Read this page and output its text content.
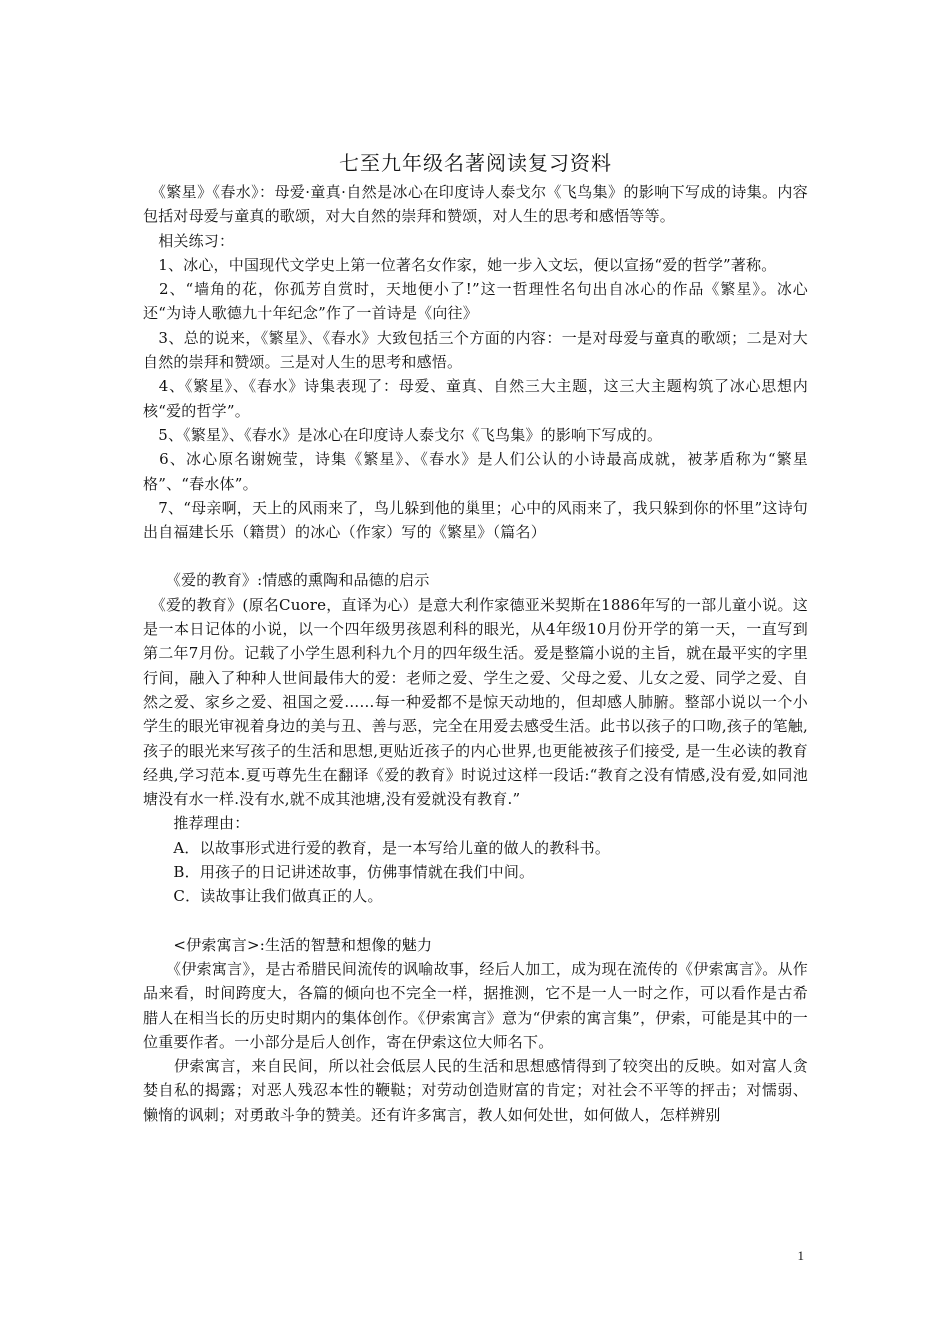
七至九年级名著阅读复习资料

　《繁星》《春水》：母爱·童真·自然是冰心在印度诗人泰戈尔《飞鸟集》的影响下写成的诗集。内容包括对母爱与童真的歌颂，对大自然的崇拜和赞颂，对人生的思考和感悟等等。

　相关练习：

　1、冰心，中国现代文学史上第一位著名女作家，她一步入文坛，便以宣扬“爱的哲学”著称。

　2、“墙角的花，你孤芳自赏时，天地便小了!”这一哲理性名句出自冰心的作品《繁星》。冰心还“为诗人歌德九十年纪念”作了一首诗是《向往》

　3、总的说来，《繁星》、《春水》大致包括三个方面的内容：一是对母爱与童真的歌颂；二是对大自然的崇拜和赞颂。三是对人生的思考和感悟。

　4、《繁星》、《春水》诗集表现了：母爱、童真、自然三大主题，这三大主题构筑了冰心思想内核“爱的哲学”。

　5、《繁星》、《春水》是冰心在印度诗人泰戈尔《飞鸟集》的影响下写成的。

　6、冰心原名谢婉莹，诗集《繁星》、《春水》是人们公认的小诗最高成就，被茅盾称为“繁星格”、“春水体”。

　7、“母亲啊，天上的风雨来了，鸟儿躲到他的巢里；心中的风雨来了，我只躲到你的怀里”这诗句出自福建长乐（籍贯）的冰心（作家）写的《繁星》（篇名）

　　《爱的教育》:情感的熏陶和品德的启示

　《爱的教育》(原名Cuore，直译为心）是意大利作家德亚米契斯在1886年写的一部儿童小说。这是一本日记体的小说，以一个四年级男孩恩利科的眼光，从4年级10月份开学的第一天，一直写到第二年7月份。记载了小学生恩利科九个月的四年级生活。爱是整篇小说的主旨，就在最平实的字里行间，融入了种种人世间最伟大的爱：老师之爱、学生之爱、父母之爱、儿女之爱、同学之爱、自然之爱、家乡之爱、祖国之爱……每一种爱都不是惊天动地的，但却感人肺腑。整部小说以一个小学生的眼光审视着身边的美与丑、善与恶，完全在用爱去感受生活。此书以孩子的口吻,孩子的笔触,孩子的眼光来写孩子的生活和思想,更贴近孩子的内心世界,也更能被孩子们接受, 是一生必读的教育经典,学习范本.夏丏尊先生在翻译《爱的教育》时说过这样一段话:“教育之没有情感,没有爱,如同池塘没有水一样.没有水,就不成其池塘,没有爱就没有教育.”

　　推荐理由：

　　A．以故事形式进行爱的教育，是一本写给儿童的做人的教科书。

　　B．用孩子的日记讲述故事，仿佛事情就在我们中间。

　　C．读故事让我们做真正的人。

　　<伊索寓言>:生活的智慧和想像的魅力

　　《伊索寓言》，是古希腊民间流传的讽喻故事，经后人加工，成为现在流传的《伊索寓言》。从作品来看，时间跨度大，各篇的倾向也不完全一样，据推测，它不是一人一时之作，可以看作是古希腊人在相当长的历史时期内的集体创作。《伊索寓言》意为“伊索的寓言集”，伊索，可能是其中的一位重要作者。一小部分是后人创作，寄在伊索这位大师名下。

　　伊索寓言，来自民间，所以社会低层人民的生活和思想感情得到了较突出的反映。如对富人贪婪自私的揭露；对恶人残忍本性的鞭鞑；对劳动创造财富的肯定；对社会不平等的抨击；对懦弱、懒惰的讽刺；对勇敢斗争的赞美。还有许多寓言，教人如何处世，如何做人，怎样辨别

1
